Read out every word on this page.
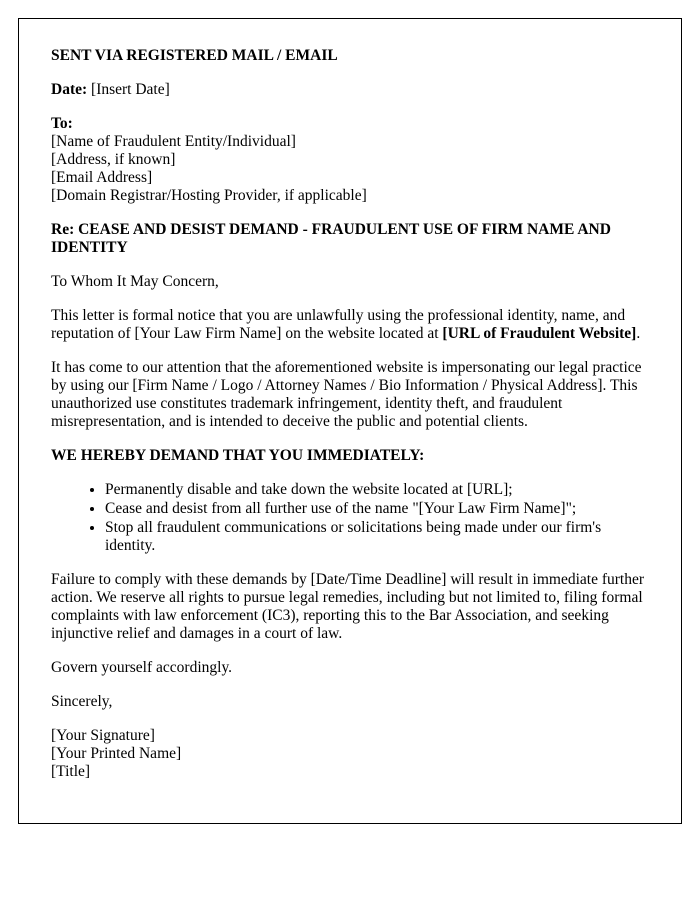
SENT VIA REGISTERED MAIL / EMAIL

Date: [Insert Date]

To:

[Name of Fraudulent Entity/Individual]

[Address, if known]

[Email Address]

[Domain Registrar/Hosting Provider, if applicable]

Re: CEASE AND DESIST DEMAND - FRAUDULENT USE OF FIRM NAME AND IDENTITY

To Whom It May Concern,

This letter is formal notice that you are unlawfully using the professional identity, name, and reputation of [Your Law Firm Name] on the website located at [URL of Fraudulent Website].

It has come to our attention that the aforementioned website is impersonating our legal practice by using our [Firm Name / Logo / Attorney Names / Bio Information / Physical Address]. This unauthorized use constitutes trademark infringement, identity theft, and fraudulent misrepresentation, and is intended to deceive the public and potential clients.

WE HEREBY DEMAND THAT YOU IMMEDIATELY:

• Permanently disable and take down the website located at [URL];
• Cease and desist from all further use of the name "[Your Law Firm Name]";
• Stop all fraudulent communications or solicitations being made under our firm's identity.

Failure to comply with these demands by [Date/Time Deadline] will result in immediate further action. We reserve all rights to pursue legal remedies, including but not limited to, filing formal complaints with law enforcement (IC3), reporting this to the Bar Association, and seeking injunctive relief and damages in a court of law.

Govern yourself accordingly.

Sincerely,

[Your Signature]

[Your Printed Name]

[Title]
